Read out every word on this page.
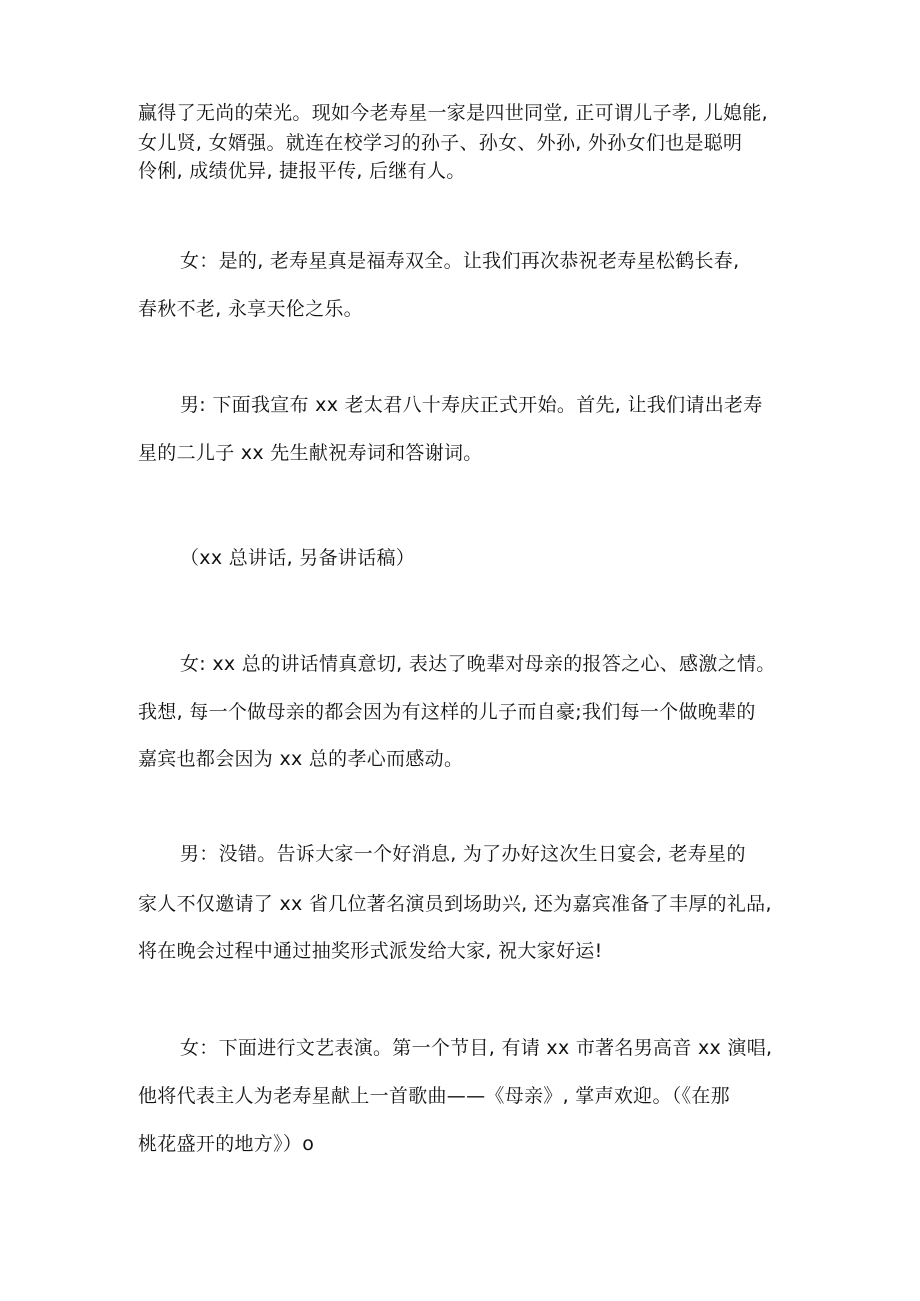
赢得了无尚的荣光。现如今老寿星一家是四世同堂, 正可谓儿子孝, 儿媳能,
女儿贤, 女婿强。就连在校学习的孙子、孙女、外孙, 外孙女们也是聪明
伶俐, 成绩优异, 捷报平传, 后继有人。
女：是的, 老寿星真是福寿双全。让我们再次恭祝老寿星松鹤长春,
春秋不老, 永享天伦之乐。
男: 下面我宣布 xx 老太君八十寿庆正式开始。首先, 让我们请出老寿
星的二儿子 xx 先生献祝寿词和答谢词。
（xx 总讲话, 另备讲话稿）
女: xx 总的讲话情真意切, 表达了晚辈对母亲的报答之心、感激之情。
我想, 每一个做母亲的都会因为有这样的儿子而自豪;我们每一个做晚辈的
嘉宾也都会因为 xx 总的孝心而感动。
男：没错。告诉大家一个好消息, 为了办好这次生日宴会, 老寿星的
家人不仅邀请了 xx 省几位著名演员到场助兴, 还为嘉宾准备了丰厚的礼品,
将在晚会过程中通过抽奖形式派发给大家, 祝大家好运!
女：下面进行文艺表演。第一个节目, 有请 xx 市著名男高音 xx 演唱,
他将代表主人为老寿星献上一首歌曲——《母亲》, 掌声欢迎。（《在那
桃花盛开的地方》）o
